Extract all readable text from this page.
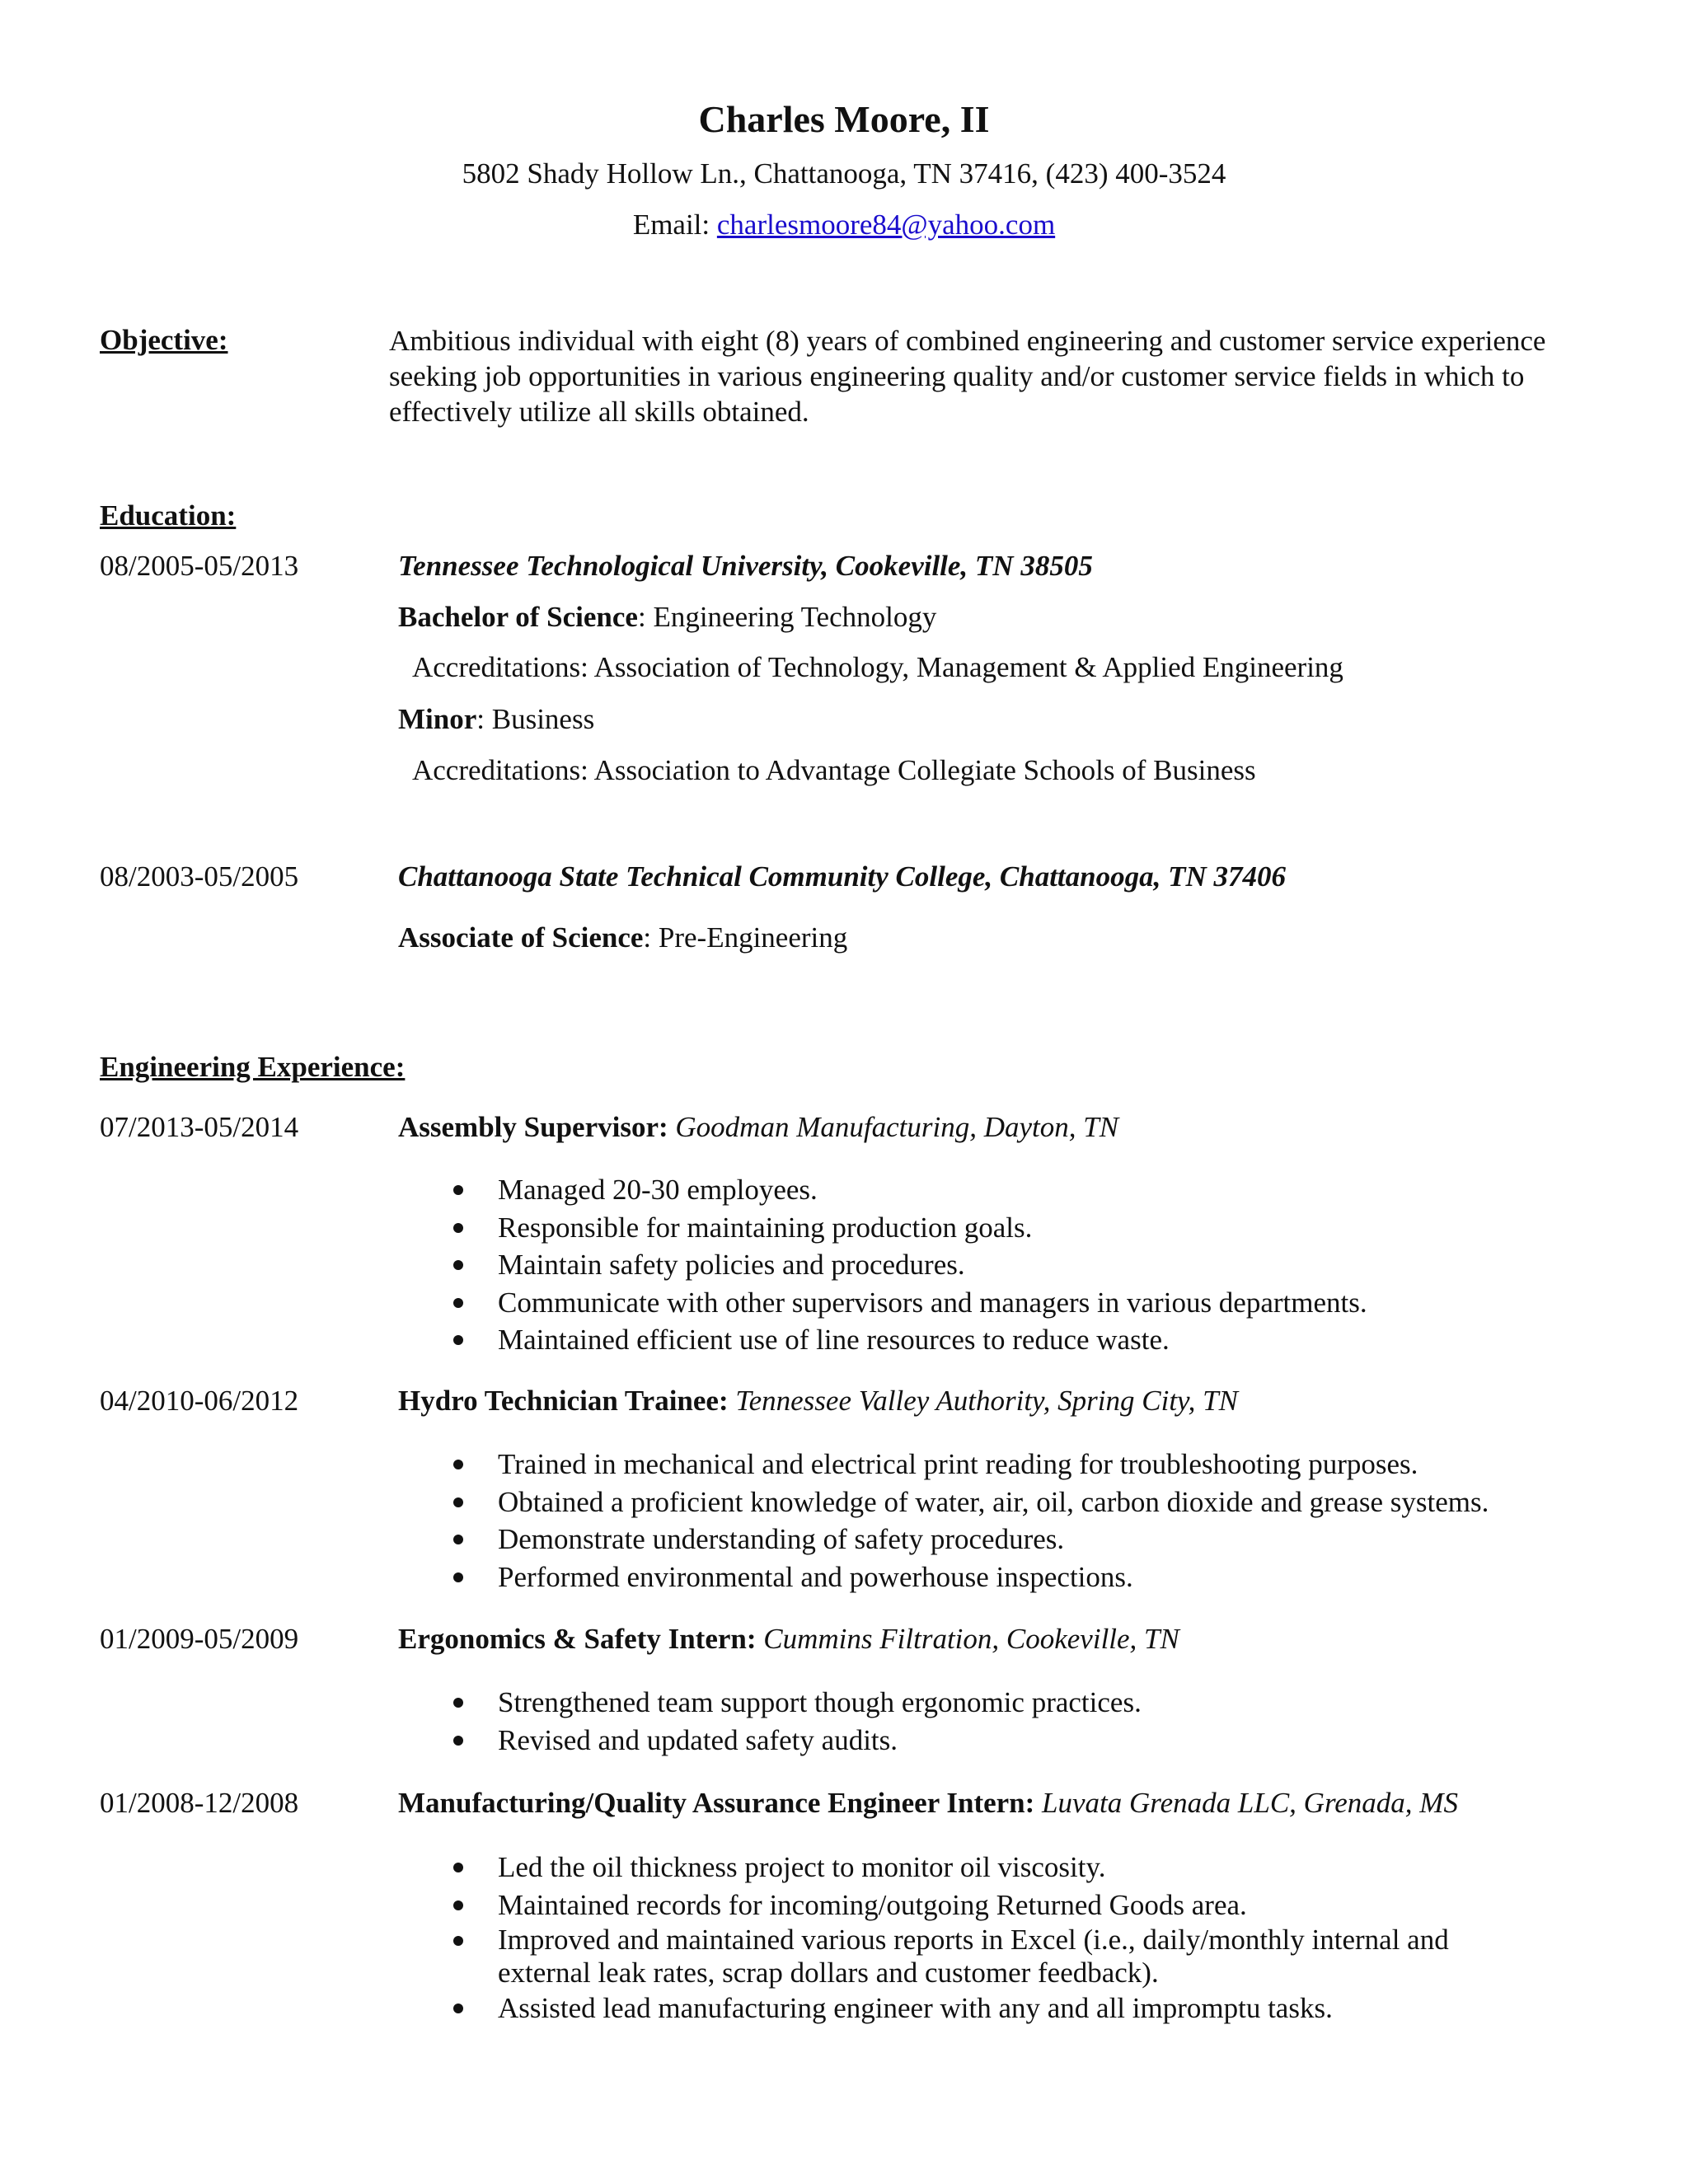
Charles Moore, II
5802 Shady Hollow Ln., Chattanooga, TN 37416, (423) 400-3524
Email: charlesmoore84@yahoo.com
Objective:	Ambitious individual with eight (8) years of combined engineering and customer service experience seeking job opportunities in various engineering quality and/or customer service fields in which to effectively utilize all skills obtained.
Education:
08/2005-05/2013	Tennessee Technological University, Cookeville, TN 38505
Bachelor of Science: Engineering Technology
Accreditations: Association of Technology, Management & Applied Engineering
Minor: Business
Accreditations: Association to Advantage Collegiate Schools of Business
08/2003-05/2005	Chattanooga State Technical Community College, Chattanooga, TN 37406
Associate of Science: Pre-Engineering
Engineering Experience:
07/2013-05/2014	Assembly Supervisor: Goodman Manufacturing, Dayton, TN
Managed 20-30 employees.
Responsible for maintaining production goals.
Maintain safety policies and procedures.
Communicate with other supervisors and managers in various departments.
Maintained efficient use of line resources to reduce waste.
04/2010-06/2012	Hydro Technician Trainee: Tennessee Valley Authority, Spring City, TN
Trained in mechanical and electrical print reading for troubleshooting purposes.
Obtained a proficient knowledge of water, air, oil, carbon dioxide and grease systems.
Demonstrate understanding of safety procedures.
Performed environmental and powerhouse inspections.
01/2009-05/2009	Ergonomics & Safety Intern: Cummins Filtration, Cookeville, TN
Strengthened team support though ergonomic practices.
Revised and updated safety audits.
01/2008-12/2008	Manufacturing/Quality Assurance Engineer Intern: Luvata Grenada LLC, Grenada, MS
Led the oil thickness project to monitor oil viscosity.
Maintained records for incoming/outgoing Returned Goods area.
Improved and maintained various reports in Excel (i.e., daily/monthly internal and external leak rates, scrap dollars and customer feedback).
Assisted lead manufacturing engineer with any and all impromptu tasks.
